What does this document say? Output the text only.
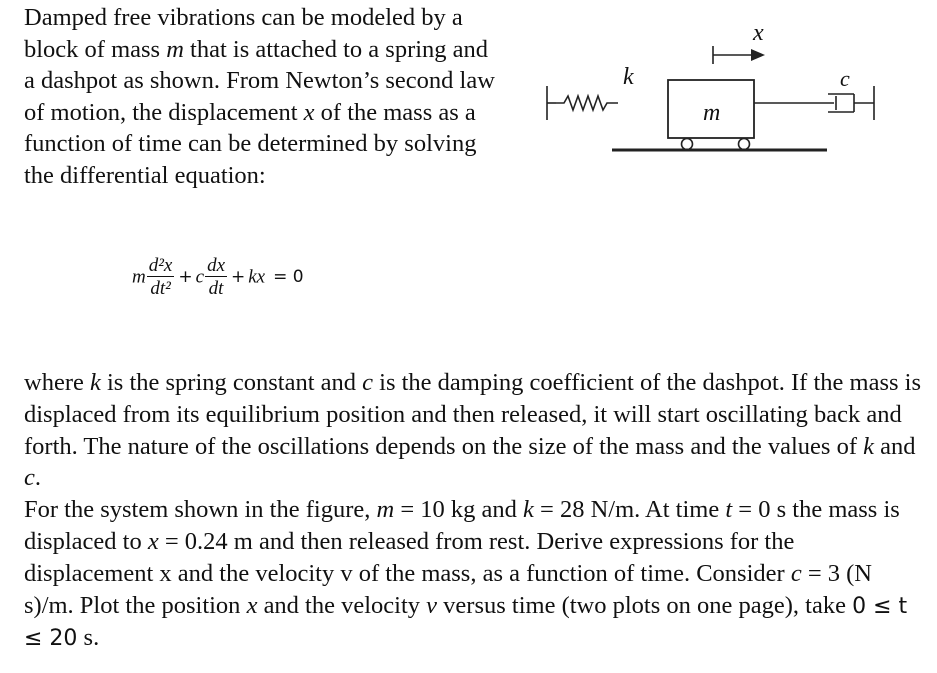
Damped free vibrations can be modeled by a block of mass m that is attached to a spring and a dashpot as shown. From Newton’s second law of motion, the displacement x of the mass as a function of time can be determined by solving the differential equation:

k	c
m
x
m $\frac{\text{d²x}}{\text{dt²}} + c \frac{dx}{dt}$ + kx = 0

where k is the spring constant and c is the damping coefficient of the dashpot. If the mass is displaced from its equilibrium position and then released, it will start oscillating back and forth. The nature of the oscillations depends on the size of the mass and the values of k and c.

For the system shown in the figure, m = 10 kg and k = 28 N/m. At time t = 0 s the mass is displaced to x = 0.24 m and then released from rest. Derive expressions for the displacement x and the velocity v of the mass, as a function of time. Consider c = 3 (N s)/m. Plot the position x and the velocity v versus time (two plots on one page), take 0 ≤ t ≤ 20 s.
